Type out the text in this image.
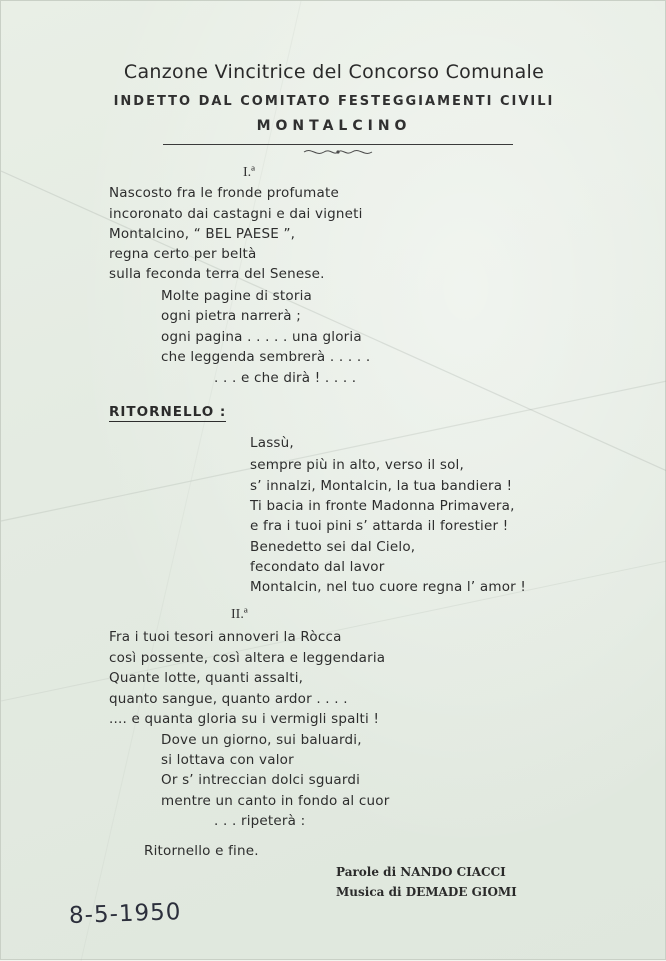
Canzone Vincitrice del Concorso Comunale
INDETTO DAL COMITATO FESTEGGIAMENTI CIVILI
MONTALCINO
I.ª
Nascosto fra le fronde profumate
incoronato dai castagni e dai vigneti
Montalcino, “ BEL PAESE ”,
regna certo per beltà
sulla feconda terra del Senese.
Molte pagine di storia
ogni pietra narrerà ;
ogni pagina . . . . . una gloria
che leggenda sembrerà . . . . .
. . . e che dirà ! . . . .
RITORNELLO :
Lassù,
sempre più in alto, verso il sol,
s’ innalzi, Montalcin, la tua bandiera !
Ti bacia in fronte Madonna Primavera,
e fra i tuoi pini s’ attarda il forestier !
Benedetto sei dal Cielo,
fecondato dal lavor
Montalcin, nel tuo cuore regna l’ amor !
II.ª
Fra i tuoi tesori annoveri la Ròcca
così possente, così altera e leggendaria
Quante lotte, quanti assalti,
quanto sangue, quanto ardor . . . .
.... e quanta gloria su i vermigli spalti !
Dove un giorno, sui baluardi,
si lottava con valor
Or s’ intreccian dolci sguardi
mentre un canto in fondo al cuor
. . . ripeterà :
Ritornello e fine.
Parole di NANDO CIACCI
Musica di DEMADE GIOMI
8-5-1950
